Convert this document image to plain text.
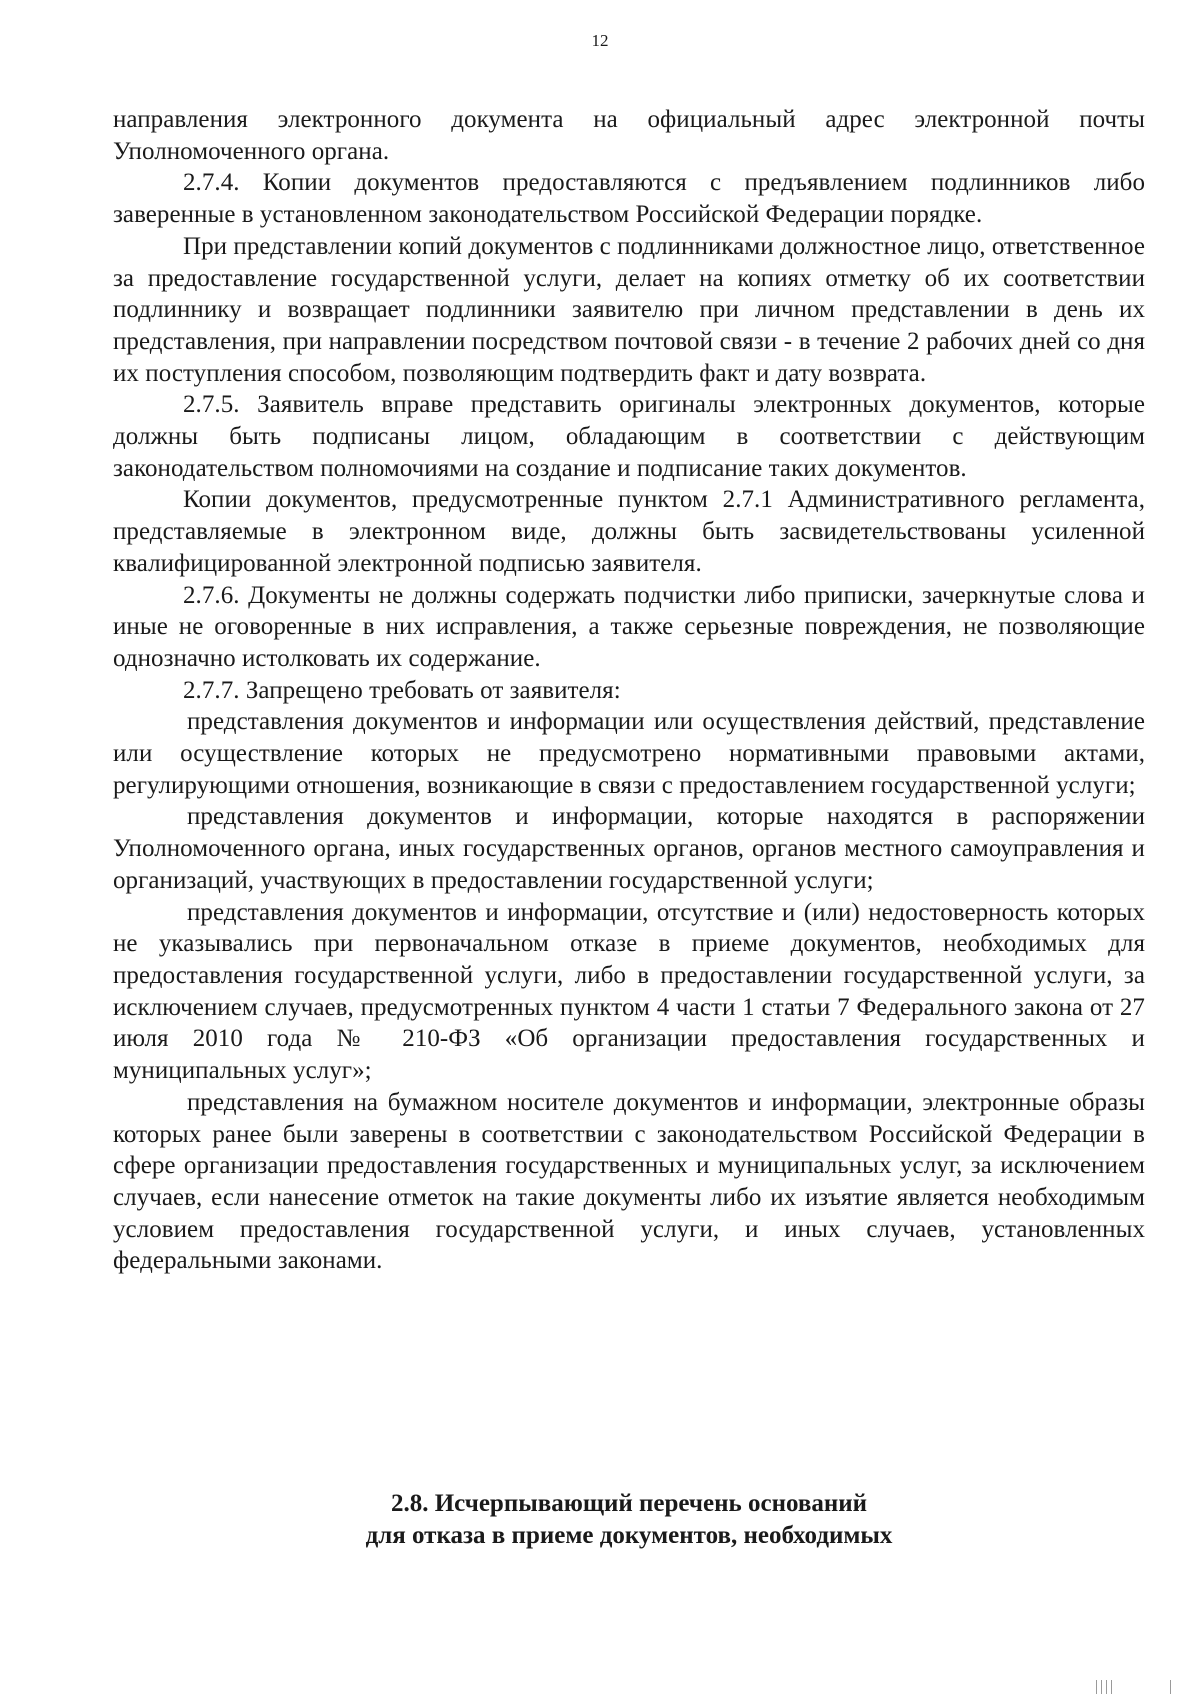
12

направления электронного документа на официальный адрес электронной почты Уполномоченного органа.

2.7.4. Копии документов предоставляются с предъявлением подлинников либо заверенные в установленном законодательством Российской Федерации порядке.

При представлении копий документов с подлинниками должностное лицо, ответственное за предоставление государственной услуги, делает на копиях отметку об их соответствии подлиннику и возвращает подлинники заявителю при личном представлении в день их представления, при направлении посредством почтовой связи - в течение 2 рабочих дней со дня их поступления способом, позволяющим подтвердить факт и дату возврата.

2.7.5. Заявитель вправе представить оригиналы электронных документов, которые должны быть подписаны лицом, обладающим в соответствии с действующим законодательством полномочиями на создание и подписание таких документов.

Копии документов, предусмотренные пунктом 2.7.1 Административного регламента, представляемые в электронном виде, должны быть засвидетельствованы усиленной квалифицированной электронной подписью заявителя.

2.7.6. Документы не должны содержать подчистки либо приписки, зачеркнутые слова и иные не оговоренные в них исправления, а также серьезные повреждения, не позволяющие однозначно истолковать их содержание.

2.7.7. Запрещено требовать от заявителя:

представления документов и информации или осуществления действий, представление или осуществление которых не предусмотрено нормативными правовыми актами, регулирующими отношения, возникающие в связи с предоставлением государственной услуги;

представления документов и информации, которые находятся в распоряжении Уполномоченного органа, иных государственных органов, органов местного самоуправления и организаций, участвующих в предоставлении государственной услуги;

представления документов и информации, отсутствие и (или) недостоверность которых не указывались при первоначальном отказе в приеме документов, необходимых для предоставления государственной услуги, либо в предоставлении государственной услуги, за исключением случаев, предусмотренных пунктом 4 части 1 статьи 7 Федерального закона от 27 июля 2010 года № 210-ФЗ «Об организации предоставления государственных и муниципальных услуг»;

представления на бумажном носителе документов и информации, электронные образы которых ранее были заверены в соответствии с законодательством Российской Федерации в сфере организации предоставления государственных и муниципальных услуг, за исключением случаев, если нанесение отметок на такие документы либо их изъятие является необходимым условием предоставления государственной услуги, и иных случаев, установленных федеральными законами.

2.8. Исчерпывающий перечень оснований
для отказа в приеме документов, необходимых
